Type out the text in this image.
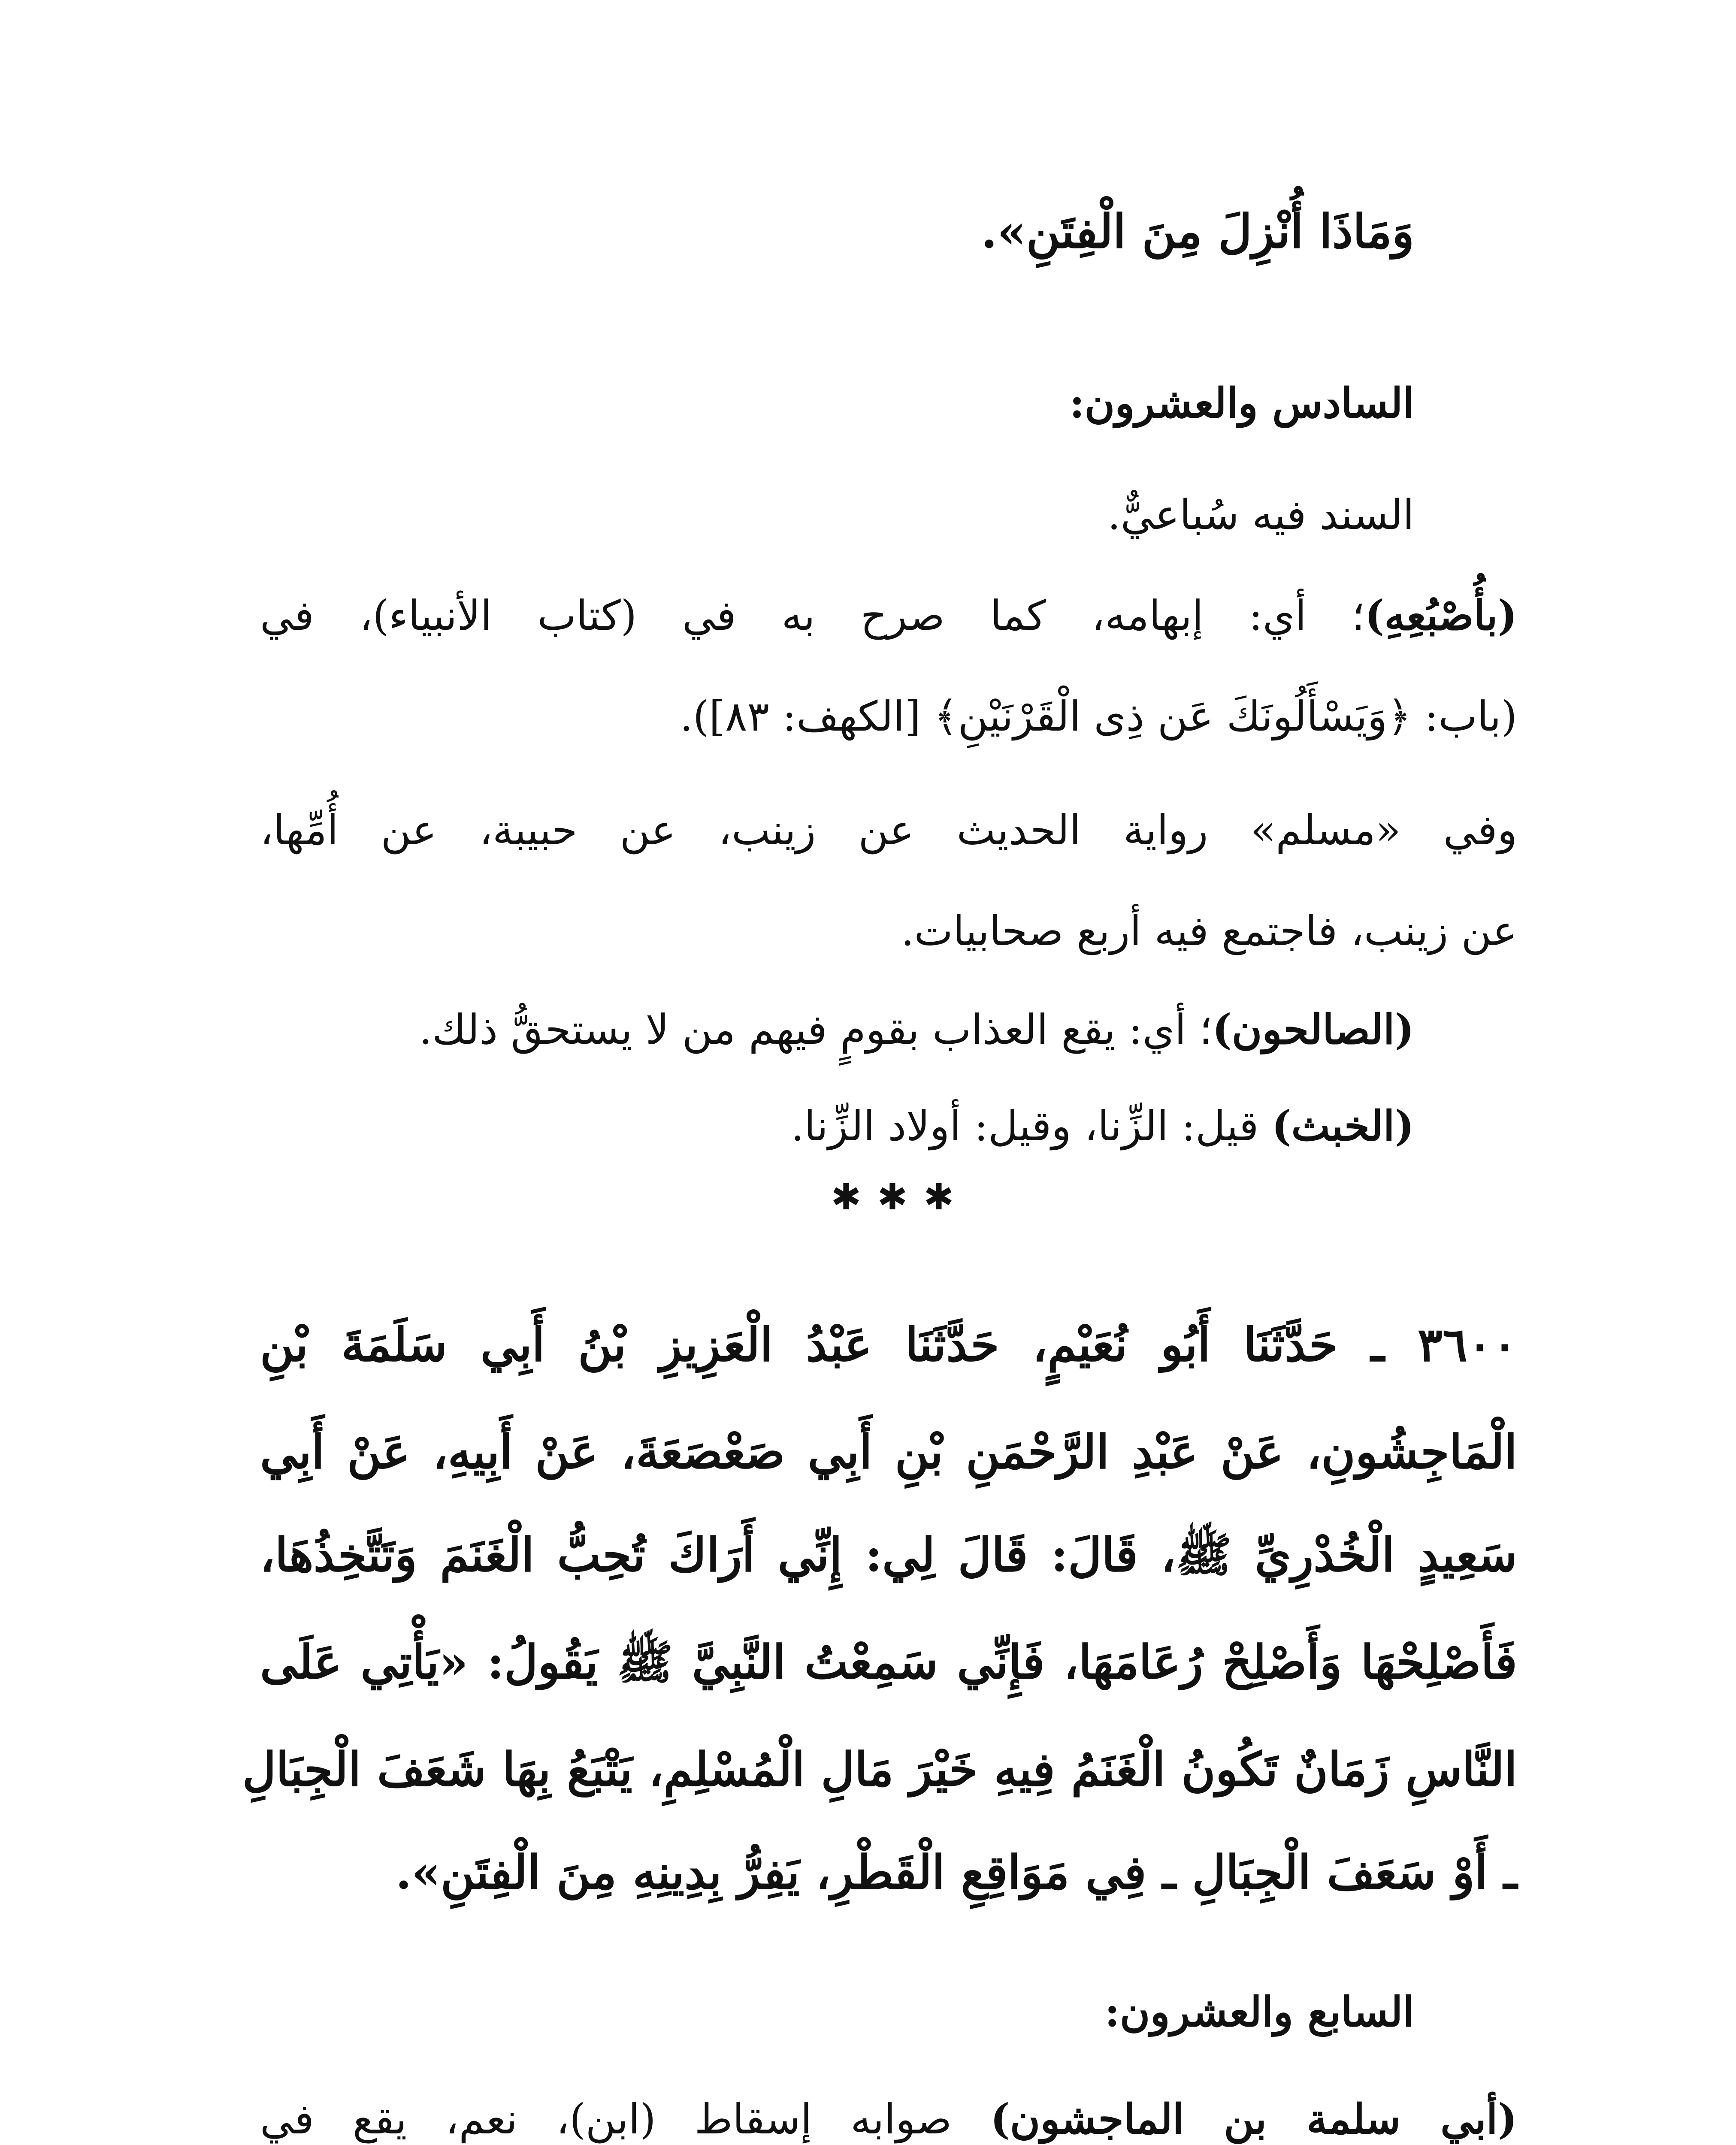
وَمَاذَا أُنْزِلَ مِنَ الْفِتَنِ».

السادس والعشرون:

السند فيه سُباعيٌّ.

(بأُصْبُعِهِ)؛ أي: إبهامه، كما صرح به في (كتاب الأنبياء)، في

(باب: ﴿وَيَسْأَلُونَكَ عَن ذِى الْقَرْنَيْنِ﴾ [الكهف: ٨٣]).

وفي «مسلم» رواية الحديث عن زينب، عن حبيبة، عن أُمِّها،

عن زينب، فاجتمع فيه أربع صحابيات.

(الصالحون)؛ أي: يقع العذاب بقومٍ فيهم من لا يستحقُّ ذلك.

(الخبث) قيل: الزِّنا، وقيل: أولاد الزِّنا.

✱ ✱ ✱

٣٦٠٠ ـ حَدَّثَنَا أَبُو نُعَيْمٍ، حَدَّثَنَا عَبْدُ الْعَزِيزِ بْنُ أَبِي سَلَمَةَ بْنِ

الْمَاجِشُونِ، عَنْ عَبْدِ الرَّحْمَنِ بْنِ أَبِي صَعْصَعَةَ، عَنْ أَبِيهِ، عَنْ أَبِي

سَعِيدٍ الْخُدْرِيِّ ﷺ، قَالَ: قَالَ لِي: إِنِّي أَرَاكَ تُحِبُّ الْغَنَمَ وَتَتَّخِذُهَا،

فَأَصْلِحْهَا وَأَصْلِحْ رُعَامَهَا، فَإِنِّي سَمِعْتُ النَّبِيَّ ﷺ يَقُولُ: «يَأْتِي عَلَى

النَّاسِ زَمَانٌ تَكُونُ الْغَنَمُ فِيهِ خَيْرَ مَالِ الْمُسْلِمِ، يَتْبَعُ بِهَا شَعَفَ الْجِبَالِ

ـ أَوْ سَعَفَ الْجِبَالِ ـ فِي مَوَاقِعِ الْقَطْرِ، يَفِرُّ بِدِينِهِ مِنَ الْفِتَنِ».

السابع والعشرون:

(أبي سلمة بن الماجشون) صوابه إسقاط (ابن)، نعم، يقع في
